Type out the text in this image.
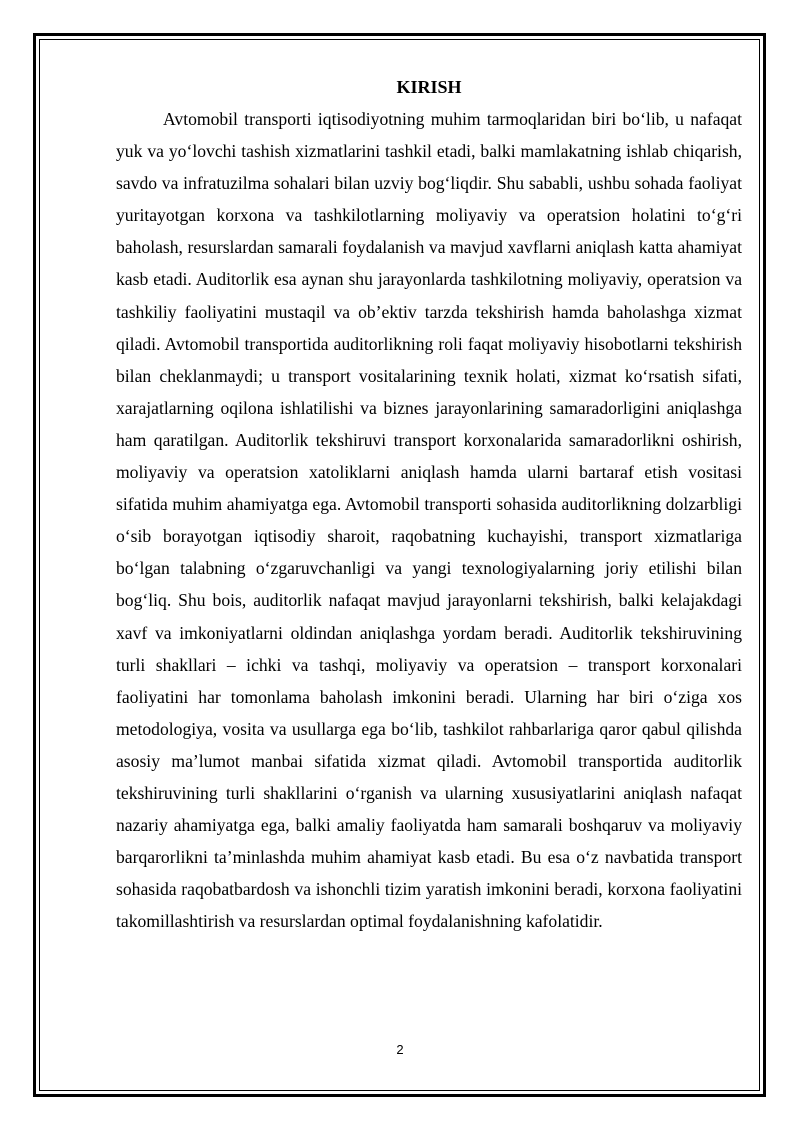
KIRISH

Avtomobil transporti iqtisodiyotning muhim tarmoqlaridan biri bo‘lib, u nafaqat yuk va yo‘lovchi tashish xizmatlarini tashkil etadi, balki mamlakatning ishlab chiqarish, savdo va infratuzilma sohalari bilan uzviy bog‘liqdir. Shu sababli, ushbu sohada faoliyat yuritayotgan korxona va tashkilotlarning moliyaviy va operatsion holatini to‘g‘ri baholash, resurslardan samarali foydalanish va mavjud xavflarni aniqlash katta ahamiyat kasb etadi. Auditorlik esa aynan shu jarayonlarda tashkilotning moliyaviy, operatsion va tashkiliy faoliyatini mustaqil va ob’ektiv tarzda tekshirish hamda baholashga xizmat qiladi. Avtomobil transportida auditorlikning roli faqat moliyaviy hisobotlarni tekshirish bilan cheklanmaydi; u transport vositalarining texnik holati, xizmat ko‘rsatish sifati, xarajatlarning oqilona ishlatilishi va biznes jarayonlarining samaradorligini aniqlashga ham qaratilgan. Auditorlik tekshiruvi transport korxonalarida samaradorlikni oshirish, moliyaviy va operatsion xatoliklarni aniqlash hamda ularni bartaraf etish vositasi sifatida muhim ahamiyatga ega. Avtomobil transporti sohasida auditorlikning dolzarbligi o‘sib borayotgan iqtisodiy sharoit, raqobatning kuchayishi, transport xizmatlariga bo‘lgan talabning o‘zgaruvchanligi va yangi texnologiyalarning joriy etilishi bilan bog‘liq. Shu bois, auditorlik nafaqat mavjud jarayonlarni tekshirish, balki kelajakdagi xavf va imkoniyatlarni oldindan aniqlashga yordam beradi. Auditorlik tekshiruvining turli shakllari – ichki va tashqi, moliyaviy va operatsion – transport korxonalari faoliyatini har tomonlama baholash imkonini beradi. Ularning har biri o‘ziga xos metodologiya, vosita va usullarga ega bo‘lib, tashkilot rahbarlariga qaror qabul qilishda asosiy ma’lumot manbai sifatida xizmat qiladi. Avtomobil transportida auditorlik tekshiruvining turli shakllarini o‘rganish va ularning xususiyatlarini aniqlash nafaqat nazariy ahamiyatga ega, balki amaliy faoliyatda ham samarali boshqaruv va moliyaviy barqarorlikni ta’minlashda muhim ahamiyat kasb etadi. Bu esa o‘z navbatida transport sohasida raqobatbardosh va ishonchli tizim yaratish imkonini beradi, korxona faoliyatini takomillashtirish va resurslardan optimal foydalanishning kafolatidir.

2
